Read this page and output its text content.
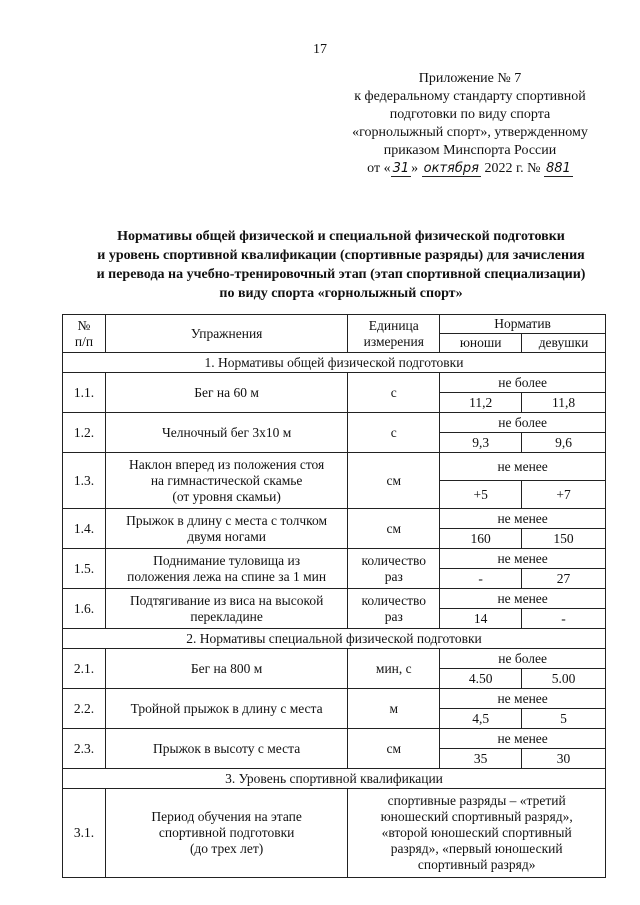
17
Приложение № 7
к федеральному стандарту спортивной
подготовки по виду спорта
«горнолыжный спорт», утвержденному
приказом Минспорта России
от « 31 » октября 2022 г. № 881
Нормативы общей физической и специальной физической подготовки
и уровень спортивной квалификации (спортивные разряды) для зачисления
и перевода на учебно-тренировочный этап (этап спортивной специализации)
по виду спорта «горнолыжный спорт»
№
п/п	Упражнения	Единица
измерения	Норматив	
			юноши	девушки
1. Нормативы общей физической подготовки				
1.1.	Бег на 60 м	с	не более	
			11,2	11,8
1.2.	Челночный бег 3х10 м	с	не более	
			9,3	9,6
1.3.	Наклон вперед из положения стоя
на гимнастической скамье
(от уровня скамьи)	см	не менее	
			+5	+7
1.4.	Прыжок в длину с места с толчком
двумя ногами	см	не менее	
			160	150
1.5.	Поднимание туловища из
положения лежа на спине за 1 мин	количество
раз	не менее	
			-	27
1.6.	Подтягивание из виса на высокой
перекладине	количество
раз	не менее	
			14	-
2. Нормативы специальной физической подготовки				
2.1.	Бег на 800 м	мин, с	не более	
			4.50	5.00
2.2.	Тройной прыжок в длину с места	м	не менее	
			4,5	5
2.3.	Прыжок в высоту с места	см	не менее	
			35	30
3. Уровень спортивной квалификации				
3.1.	Период обучения на этапе
спортивной подготовки
(до трех лет)	спортивные разряды – «третий
юношеский спортивный разряд»,
«второй юношеский спортивный
разряд», «первый юношеский
спортивный разряд»		
